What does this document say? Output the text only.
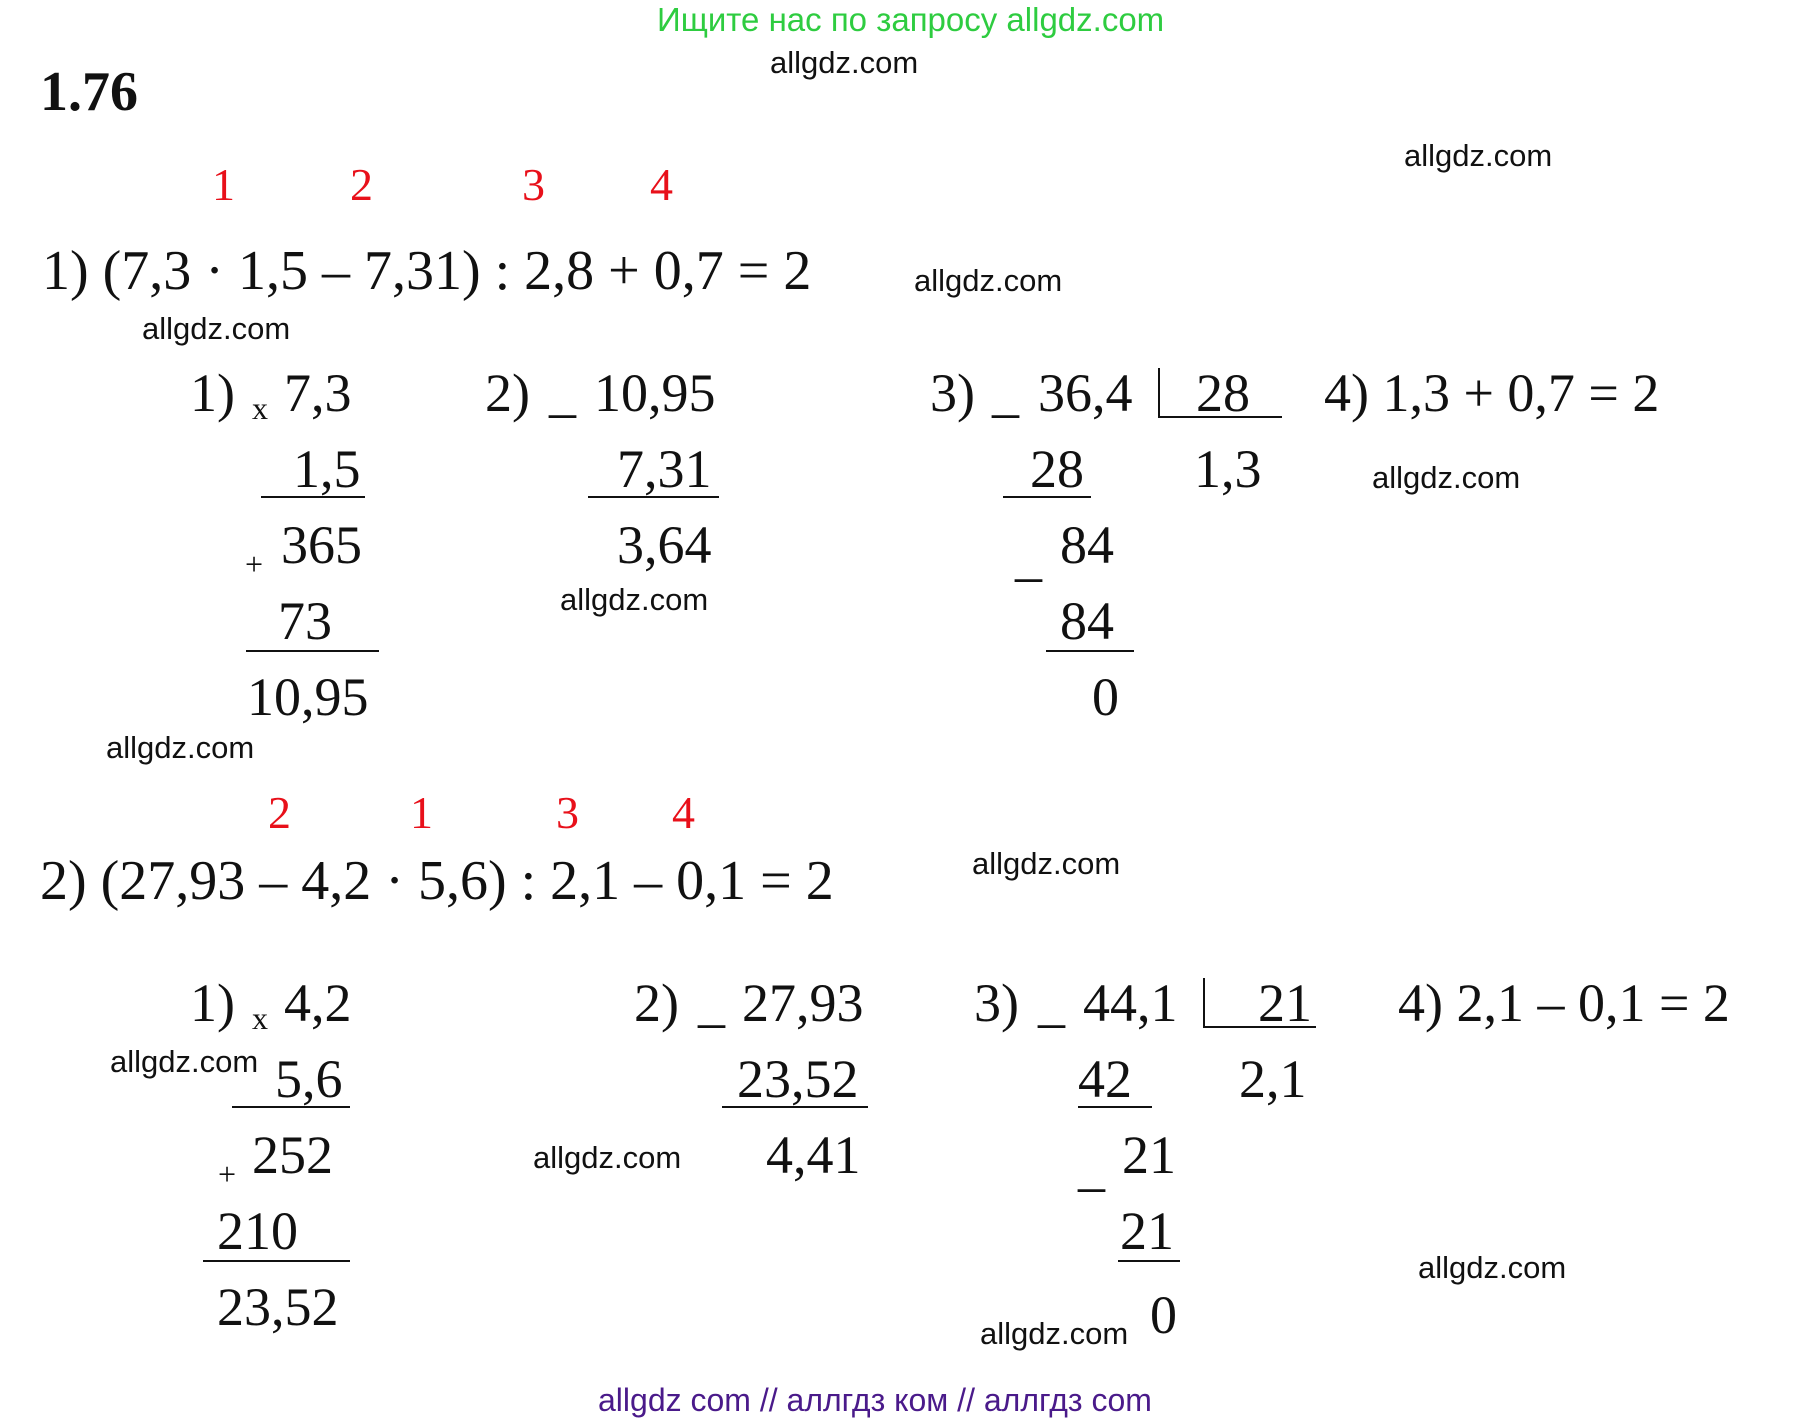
Ищите нас по запросу allgdz.com
allgdz.com
1.76
allgdz.com
1	2	3 4
1) (7,3 · 1,5 – 7,31) : 2,8 + 0,7 = 2	allgdz.com
allgdz.com
1) x 7,3
1,5
+ 365
73
10,95
allgdz.com
2) _ 10,95
7,31
3,64
allgdz.com
3) _ 36,4 28
28 1,3
_ 84
84
0
4) 1,3 + 0,7 = 2
allgdz.com
2	1	3 4
2) (27,93 – 4,2 · 5,6) : 2,1 – 0,1 = 2	allgdz.com
1) x 4,2
allgdz.com 5,6
+ 252
210
23,52
2) _ 27,93
23,52
allgdz.com 4,41
3) _ 44,1 21
42 2,1
_ 21
21
allgdz.com 0
4) 2,1 – 0,1 = 2
allgdz.com
allgdz com // аллгдз ком // аллгдз com
